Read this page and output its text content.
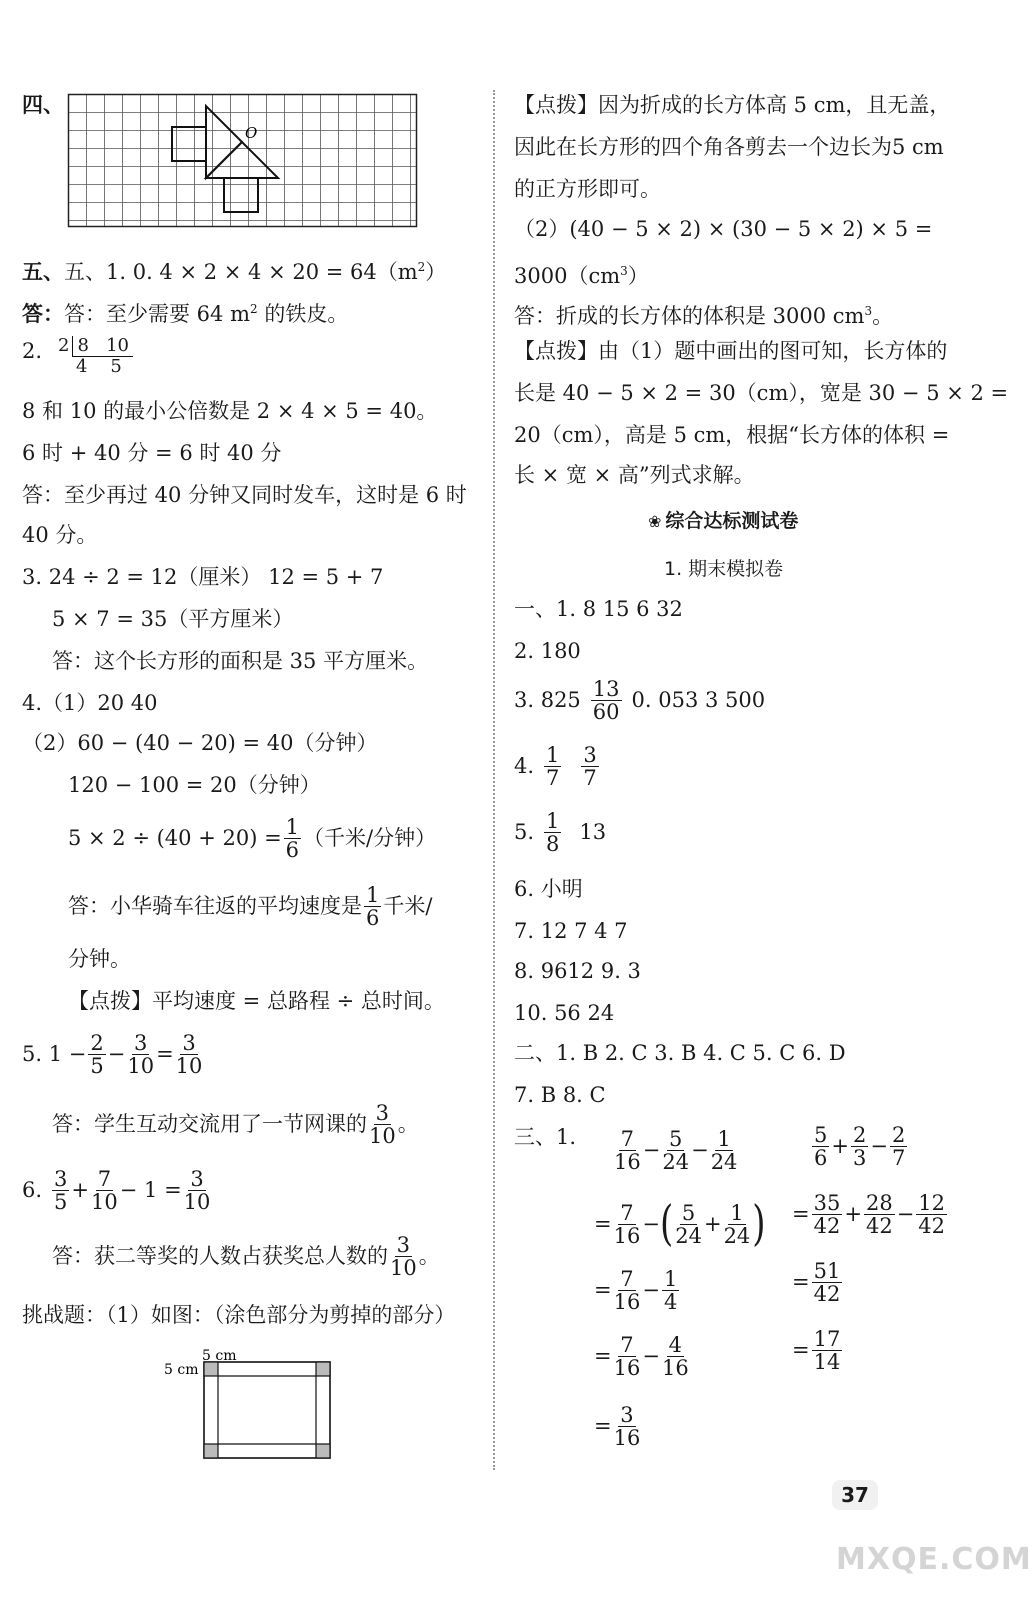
四、
O
五、五、1. 0. $4 \times 2 \times 4 \times 20 = 64(m^2)$
答：答：至少需要 64 $m^2$ 的铁皮。
2. 2 8   10
4    5
8 和 10 的最小公倍数是 2 × 4 × 5 = 40。
6 时 + 40 分 = 6 时 40 分
答：至少再过 40 分钟又同时发车，这时是 6 时
40 分。
3. 24 ÷ 2 = 12（厘米） 12 = 5 + 7
5 × 7 = 35（平方厘米）
答：这个长方形的面积是 35 平方厘米。
4.（1）20 40
（2）60 − (40 − 20) = 40（分钟）
120 − 100 = 20（分钟）
$5 \times 2 \div (40 + 20) = \frac{1}{6}$ （千米/分钟）
答：小华骑车往返的平均速度是 $\frac{1}{6}$ 千米/
分钟。
【点拨】平均速度 = 总路程 ÷ 总时间。
5. $1 - \frac{2}{5} - \frac{3}{10} = \frac{3}{10}$
答：学生互动交流用了一节网课的 $\frac{3}{10}$ 。
6. $\frac{3}{5} + \frac{7}{10} - 1 = \frac{3}{10}$
答：获二等奖的人数占获奖总人数的 $\frac{3}{10}$ 。
挑战题：（1）如图：（涂色部分为剪掉的部分）
5 cm
5 cm
【点拨】因为折成的长方体高 5 cm，且无盖，
因此在长方形的四个角各剪去一个边长为5 cm
的正方形即可。
（2）(40 − 5 × 2) × (30 − 5 × 2) × 5 =
$3000(cm^3)$
答：折成的长方体的体积是 3000 $cm^3$。
【点拨】由（1）题中画出的图可知，长方体的
长是 40 − 5 × 2 = 30（cm），宽是 30 − 5 × 2 =
20（cm），高是 5 cm，根据“长方体的体积 =
长 × 宽 × 高”列式求解。
❀ 综合达标测试卷
1. 期末模拟卷
一、1. 8 15 6 32
2. 180
3. $825 \frac{13}{60} 0$. 053 3 500
4. $\frac{1}{7} \frac{3}{7}$
5. $\frac{1}{8} 13$
6. 小明
7. 12 7 4 7
8. 9612 9. 3
10. 56 24
二、1. B 2. C 3. B 4. C 5. C 6. D
7. B 8. C
三、1. $\frac{7}{16} - \frac{5}{24} - \frac{1}{24}$
= $\frac{7}{16}$ − ( $\frac{5}{24} + \frac{1}{24}$ )
= $\frac{7}{16} - \frac{1}{4}$
= $\frac{7}{16} - \frac{4}{16}$
= $\frac{3}{16}$
$\frac{5}{6} + \frac{2}{3} - \frac{2}{7}$
= $\frac{35}{42} + \frac{28}{42} - \frac{12}{42}$
= $\frac{51}{42}$
= $\frac{17}{14}$
37
MXQE.COM
